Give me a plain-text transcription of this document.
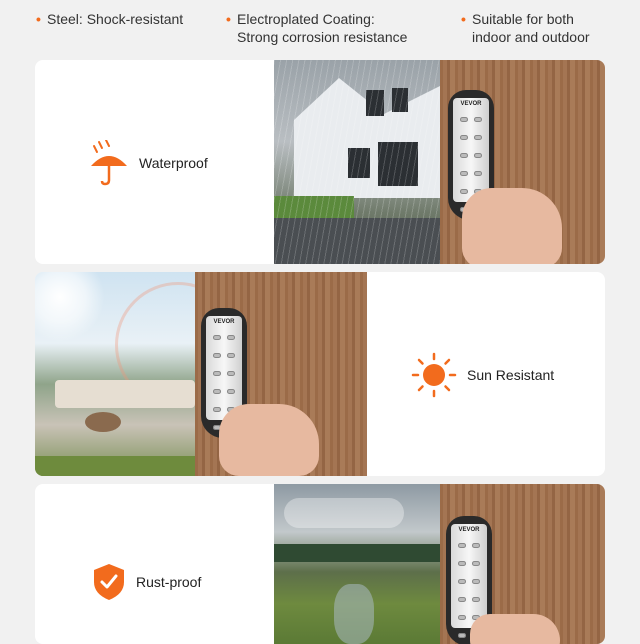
• Steel: Shock-resistant	• Electroplated Coating:
Strong corrosion resistance
• Suitable for both
indoor and outdoor
Waterproof
VEVOR
VEVOR
Sun Resistant
Rust-proof
VEVOR
